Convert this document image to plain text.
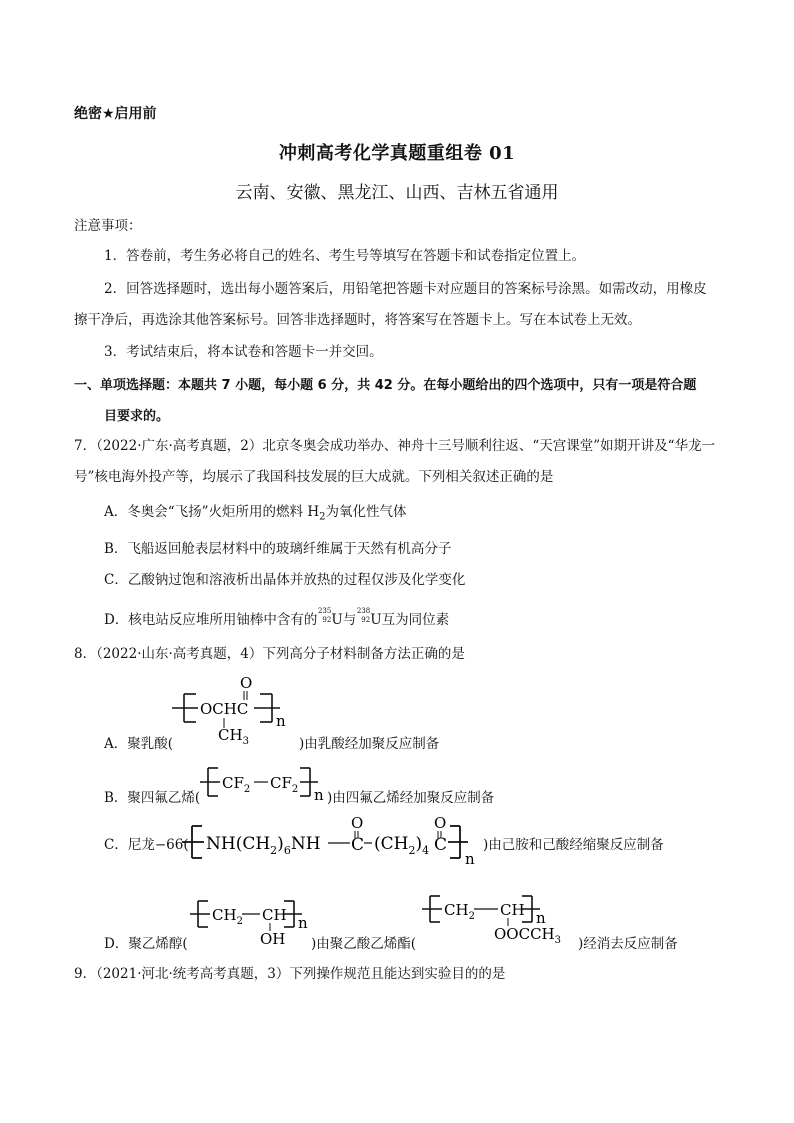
绝密★启用前
冲刺高考化学真题重组卷 01
云南、安徽、黑龙江、山西、吉林五省通用
注意事项：
1．答卷前，考生务必将自己的姓名、考生号等填写在答题卡和试卷指定位置上。
2．回答选择题时，选出每小题答案后，用铅笔把答题卡对应题目的答案标号涂黑。如需改动，用橡皮
擦干净后，再选涂其他答案标号。回答非选择题时，将答案写在答题卡上。写在本试卷上无效。
3．考试结束后，将本试卷和答题卡一并交回。
一、单项选择题：本题共 7 小题，每小题 6 分，共 42 分。在每小题给出的四个选项中，只有一项是符合题
目要求的。
7．（2022·广东·高考真题，2）北京冬奥会成功举办、神舟十三号顺利往返、“天宫课堂”如期开讲及“华龙一
号”核电海外投产等，均展示了我国科技发展的巨大成就。下列相关叙述正确的是
A．冬奥会“飞扬”火炬所用的燃料 $H_2$为氧化性气体
B．飞船返回舱表层材料中的玻璃纤维属于天然有机高分子
C．乙酸钠过饱和溶液析出晶体并放热的过程仅涉及化学变化
D．核电站反应堆所用铀棒中含有的
235
92 U与
238
92 U互为同位素
8．（2022·山东·高考真题，4）下列高分子材料制备方法正确的是
A．聚乳酸(
OCHC
O
$CH_3$
n
)由乳酸经加聚反应制备
B．聚四氟乙烯(
$CF_2$ $CF_2$ n )由四氟乙烯经加聚反应制备
C．尼龙−66( $NH(CH_2)_6NH$
O
C $(CH_2)_4$
O
C
n
)由己胺和己酸经缩聚反应制备
D．聚乙烯醇(
$CH_2$ CH
OH
n
)由聚乙酸乙烯酯(
$CH_2$ CH
$OOCCH_3$
n
)经消去反应制备
9．（2021·河北·统考高考真题，3）下列操作规范且能达到实验目的的是
